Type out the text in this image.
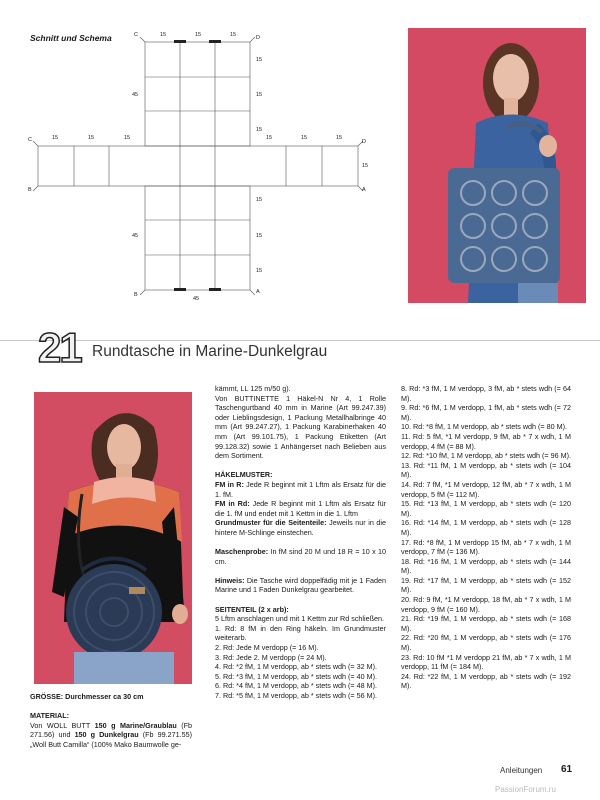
Schnitt und Schema	15	15	15
15
15
15
45
15	15	15	15	15	15
15
15
15
15
45
45
C	D
C	D
B	A
B	A
21 Rundtasche in Marine-Dunkelgrau

GRÖSSE: Durchmesser ca 30 cm

MATERIAL:
Von WOLL BUTT 150 g Marine/Graublau (Fb 271.56) und 150 g Dunkelgrau (Fb 99.271.55) „Woll Butt Camilla“ (100% Mako Baumwolle ge-
kämmt, LL 125 m/50 g).

Von BUTTINETTE 1 Häkel-N Nr 4, 1 Rolle Taschengurtband 40 mm in Marine (Art 99.247.39) oder Lieblingsdesign, 1 Packung Metallhalbringe 40 mm (Art 99.247.27), 1 Packung Karabinerhaken 40 mm (Art 99.101.75), 1 Packung Etiketten (Art 99.128.32) sowie 1 Anhängerset nach Belieben aus dem Sortiment.

HÄKELMUSTER:
FM in R: Jede R beginnt mit 1 Lftm als Ersatz für die 1. fM.
FM in Rd: Jede R beginnt mit 1 Lftm als Ersatz für die 1. fM und endet mit 1 Kettm in die 1. Lftm

Grundmuster für die Seitenteile: Jeweils nur in die hintere M-Schlinge einstechen.

Maschenprobe: In fM sind 20 M und 18 R = 10 x 10 cm.

Hinweis: Die Tasche wird doppelfädig mit je 1 Faden Marine und 1 Faden Dunkelgrau gearbeitet.

SEITENTEIL (2 x arb):
5 Lftm anschlagen und mit 1 Kettm zur Rd schließen.
1. Rd: 8 fM in den Ring häkeln. Im Grundmuster weiterarb.
2. Rd: Jede M verdopp (= 16 M).
3. Rd: Jede 2. M verdopp (= 24 M).
4. Rd: *2 fM, 1 M verdopp, ab * stets wdh (= 32 M).
5. Rd: *3 fM, 1 M verdopp, ab * stets wdh (= 40 M).
6. Rd: *4 fM, 1 M verdopp, ab * stets wdh (= 48 M).
7. Rd: *5 fM, 1 M verdopp, ab * stets wdh (= 56 M).
8. Rd: *3 fM, 1 M verdopp, 3 fM, ab * stets wdh (= 64 M).
9. Rd: *6 fM, 1 M verdopp, 1 fM, ab * stets wdh (= 72 M).
10. Rd: *8 fM, 1 M verdopp, ab * stets wdh (= 80 M).
11. Rd: 5 fM, *1 M verdopp, 9 fM, ab * 7 x wdh, 1 M verdopp, 4 fM (= 88 M).
12. Rd: *10 fM, 1 M verdopp, ab * stets wdh (= 96 M).
13. Rd: *11 fM, 1 M verdopp, ab * stets wdh (= 104 M).
14. Rd: 7 fM, *1 M verdopp, 12 fM, ab * 7 x wdh, 1 M verdopp, 5 fM (= 112 M).
15. Rd: *13 fM, 1 M verdopp, ab * stets wdh (= 120 M).
16. Rd: *14 fM, 1 M verdopp, ab * stets wdh (= 128 M).
17. Rd: *8 fM, 1 M verdopp 15 fM, ab * 7 x wdh, 1 M verdopp, 7 fM (= 136 M).
18. Rd: *16 fM, 1 M verdopp, ab * stets wdh (= 144 M).
19. Rd: *17 fM, 1 M verdopp, ab * stets wdh (= 152 M).
20. Rd: 9 fM, *1 M verdopp, 18 fM, ab * 7 x wdh, 1 M verdopp, 9 fM (= 160 M).
21. Rd: *19 fM, 1 M verdopp, ab * stets wdh (= 168 M).
22. Rd: *20 fM, 1 M verdopp, ab * stets wdh (= 176 M).
23. Rd: 10 fM *1 M verdopp 21 fM, ab * 7 x wdh, 1 M verdopp, 11 fM (= 184 M).
24. Rd: *22 fM, 1 M verdopp, ab * stets wdh (= 192 M).
Anleitungen 61
PassionForum.ru
